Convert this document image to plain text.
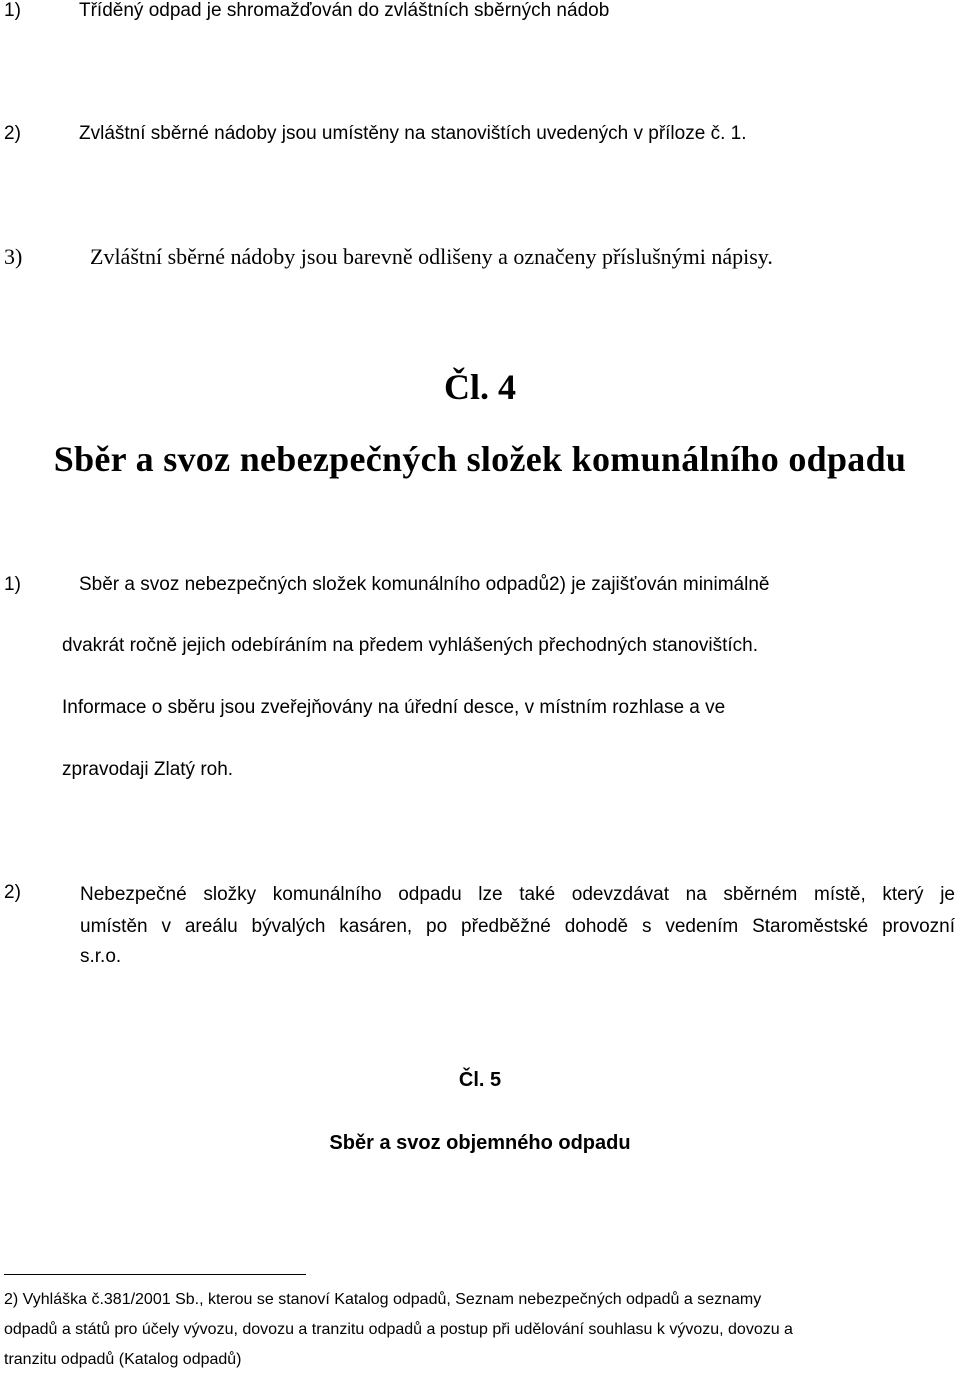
1)	Tříděný odpad je shromažďován do zvláštních sběrných nádob
2)	Zvláštní sběrné nádoby jsou umístěny na stanovištích uvedených v příloze č. 1.
3)	Zvláštní sběrné nádoby jsou barevně odlišeny a označeny příslušnými nápisy.
Čl. 4
Sběr a svoz nebezpečných složek komunálního odpadu
1)	Sběr a svoz nebezpečných složek komunálního odpadů2) je zajišťován minimálně
dvakrát ročně jejich odebíráním na předem vyhlášených přechodných stanovištích.
Informace o sběru jsou zveřejňovány na úřední desce, v místním rozhlase a ve
zpravodaji Zlatý roh.
2)	Nebezpečné složky komunálního odpadu lze také odevzdávat na sběrném místě, který je
umístěn v areálu bývalých kasáren, po předběžné dohodě s vedením Staroměstské provozní
s.r.o.
Čl. 5
Sběr a svoz objemného odpadu
2) Vyhláška č.381/2001 Sb., kterou se stanoví Katalog odpadů, Seznam nebezpečných odpadů a seznamy
odpadů a států pro účely vývozu, dovozu a tranzitu odpadů a postup při udělování souhlasu k vývozu, dovozu a
tranzitu odpadů (Katalog odpadů)
